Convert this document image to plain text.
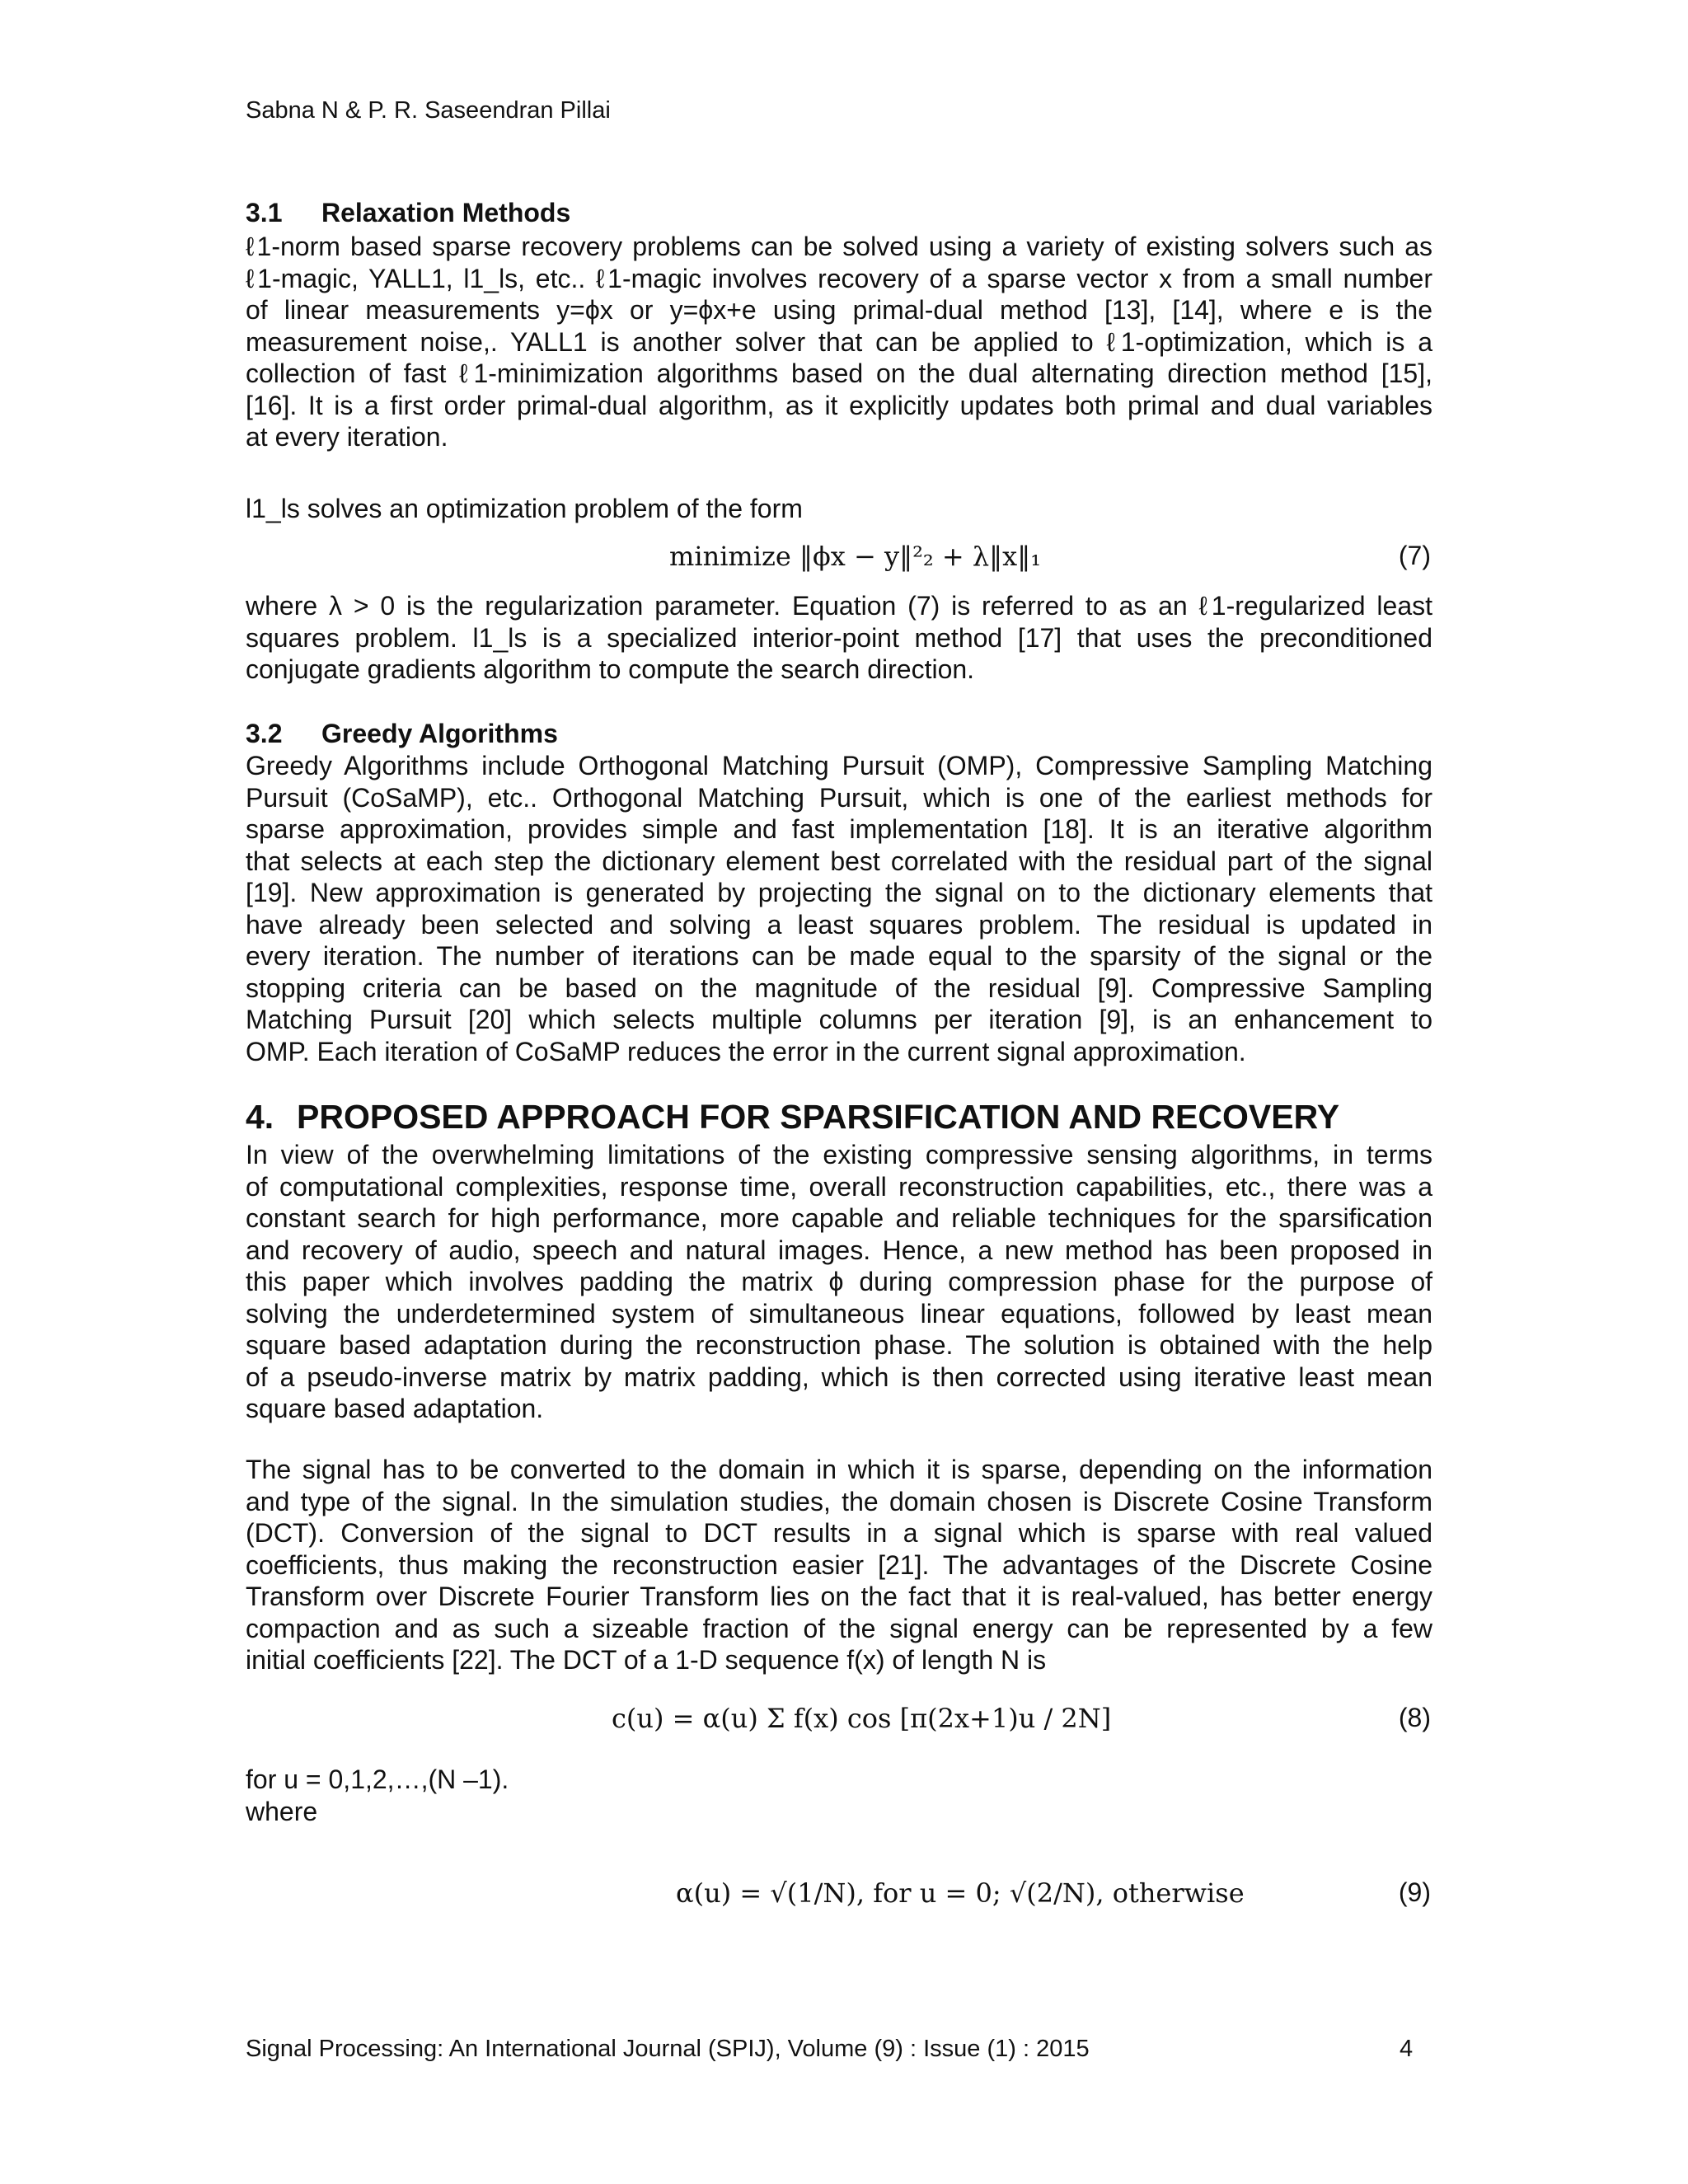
Sabna N & P. R. Saseendran Pillai
3.1 Relaxation Methods
ℓ1-norm based sparse recovery problems can be solved using a variety of existing solvers such as
ℓ1-magic, YALL1, l1_ls, etc.. ℓ1-magic involves recovery of a sparse vector x from a small number
of linear measurements y=ϕx or y=ϕx+e using primal-dual method [13], [14], where e is the
measurement noise,. YALL1 is another solver that can be applied to ℓ1-optimization, which is a
collection of fast ℓ1-minimization algorithms based on the dual alternating direction method [15],
[16]. It is a first order primal-dual algorithm, as it explicitly updates both primal and dual variables
at every iteration.
l1_ls solves an optimization problem of the form
minimize ‖ϕx − y‖²₂ + λ‖x‖₁	(7)
where λ > 0 is the regularization parameter. Equation (7) is referred to as an ℓ1-regularized least
squares problem. l1_ls is a specialized interior-point method [17] that uses the preconditioned
conjugate gradients algorithm to compute the search direction.
3.2 Greedy Algorithms
Greedy Algorithms include Orthogonal Matching Pursuit (OMP), Compressive Sampling Matching
Pursuit (CoSaMP), etc.. Orthogonal Matching Pursuit, which is one of the earliest methods for
sparse approximation, provides simple and fast implementation [18]. It is an iterative algorithm
that selects at each step the dictionary element best correlated with the residual part of the signal
[19]. New approximation is generated by projecting the signal on to the dictionary elements that
have already been selected and solving a least squares problem. The residual is updated in
every iteration. The number of iterations can be made equal to the sparsity of the signal or the
stopping criteria can be based on the magnitude of the residual [9]. Compressive Sampling
Matching Pursuit [20] which selects multiple columns per iteration [9], is an enhancement to
OMP. Each iteration of CoSaMP reduces the error in the current signal approximation.
4. PROPOSED APPROACH FOR SPARSIFICATION AND RECOVERY
In view of the overwhelming limitations of the existing compressive sensing algorithms, in terms
of computational complexities, response time, overall reconstruction capabilities, etc., there was a
constant search for high performance, more capable and reliable techniques for the sparsification
and recovery of audio, speech and natural images. Hence, a new method has been proposed in
this paper which involves padding the matrix ϕ during compression phase for the purpose of
solving the underdetermined system of simultaneous linear equations, followed by least mean
square based adaptation during the reconstruction phase. The solution is obtained with the help
of a pseudo-inverse matrix by matrix padding, which is then corrected using iterative least mean
square based adaptation.
The signal has to be converted to the domain in which it is sparse, depending on the information
and type of the signal. In the simulation studies, the domain chosen is Discrete Cosine Transform
(DCT). Conversion of the signal to DCT results in a signal which is sparse with real valued
coefficients, thus making the reconstruction easier [21]. The advantages of the Discrete Cosine
Transform over Discrete Fourier Transform lies on the fact that it is real-valued, has better energy
compaction and as such a sizeable fraction of the signal energy can be represented by a few
initial coefficients [22]. The DCT of a 1-D sequence f(x) of length N is
c(u) = α(u) Σ f(x) cos [π(2x+1)u / 2N]	(8)
for u = 0,1,2,…,(N –1).
where
α(u) = √(1/N), for u = 0; √(2/N), otherwise	(9)
Signal Processing: An International Journal (SPIJ), Volume (9) : Issue (1) : 2015	4
